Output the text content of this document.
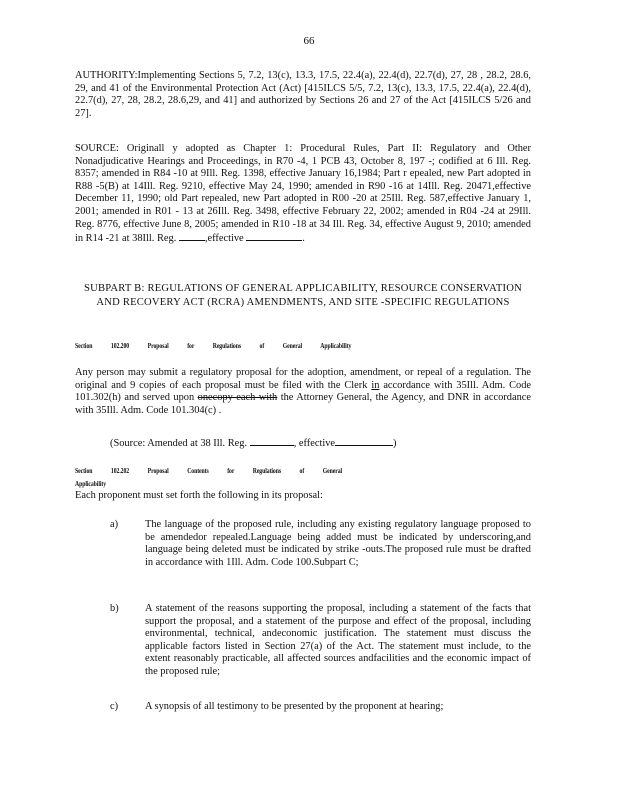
66

AUTHORITY:Implementing Sections 5, 7.2, 13(c), 13.3, 17.5, 22.4(a), 22.4(d), 22.7(d), 27, 28 , 28.2, 28.6, 29, and 41 of the Environmental Protection Act (Act) [415ILCS 5/5, 7.2, 13(c), 13.3, 17.5, 22.4(a), 22.4(d), 22.7(d), 27, 28, 28.2, 28.6,29, and 41] and authorized by Sections 26 and 27 of the Act [415ILCS 5/26 and 27].

SOURCE: Originall y adopted as Chapter 1: Procedural Rules, Part II: Regulatory and Other Nonadjudicative Hearings and Proceedings, in R70 -4, 1 PCB 43, October 8, 197 -; codified at 6 Ill. Reg. 8357; amended in R84 -10 at 9Ill. Reg. 1398, effective January 16,1984; Part r epealed, new Part adopted in R88 -5(B) at 14Ill. Reg. 9210, effective May 24, 1990; amended in R90 -16 at 14Ill. Reg. 20471,effective December 11, 1990; old Part repealed, new Part adopted in R00 -20 at 25Ill. Reg. 587,effective January 1, 2001; amended in R01 - 13 at 26Ill. Reg. 3498, effective February 22, 2002; amended in R04 -24 at 29Ill. Reg. 8776, effective June 8, 2005; amended in R10 -18 at 34 Ill. Reg. 34, effective August 9, 2010; amended in R14 -21 at 38Ill. Reg.	,effective	.

SUBPART B: REGULATIONS OF GENERAL APPLICABILITY, RESOURCE CONSERVATION AND RECOVERY ACT (RCRA) AMENDMENTS, AND SITE -SPECIFIC REGULATIONS

Section 102.200 Proposal for Regulations of General Applicability

Any person may submit a regulatory proposal for the adoption, amendment, or repeal of a regulation. The original and 9 copies of each proposal must be filed with the Clerk in accordance with 35Ill. Adm. Code 101.302(h) and served upon onecopy each with the Attorney General, the Agency, and DNR in accordance with 35Ill. Adm. Code 101.304(c) .

(Source: Amended at 38 Ill. Reg.	, effective	)

Section 102.202 Proposal Contents for Regulations of General Applicability

Each proponent must set forth the following in its proposal:

a)	The language of the proposed rule, including any existing regulatory language proposed to be amendedor repealed.Language being added must be indicated by underscoring,and language being deleted must be indicated by strike -outs.The proposed rule must be drafted in accordance with 1Ill. Adm. Code 100.Subpart C;
b)	A statement of the reasons supporting the proposal, including a statement of the facts that support the proposal, and a statement of the purpose and effect of the proposal, including environmental, technical, andeconomic justification. The statement must discuss the applicable factors listed in Section 27(a) of the Act. The statement must include, to the extent reasonably practicable, all affected sources andfacilities and the economic impact of the proposed rule;
c)	A synopsis of all testimony to be presented by the proponent at hearing;
